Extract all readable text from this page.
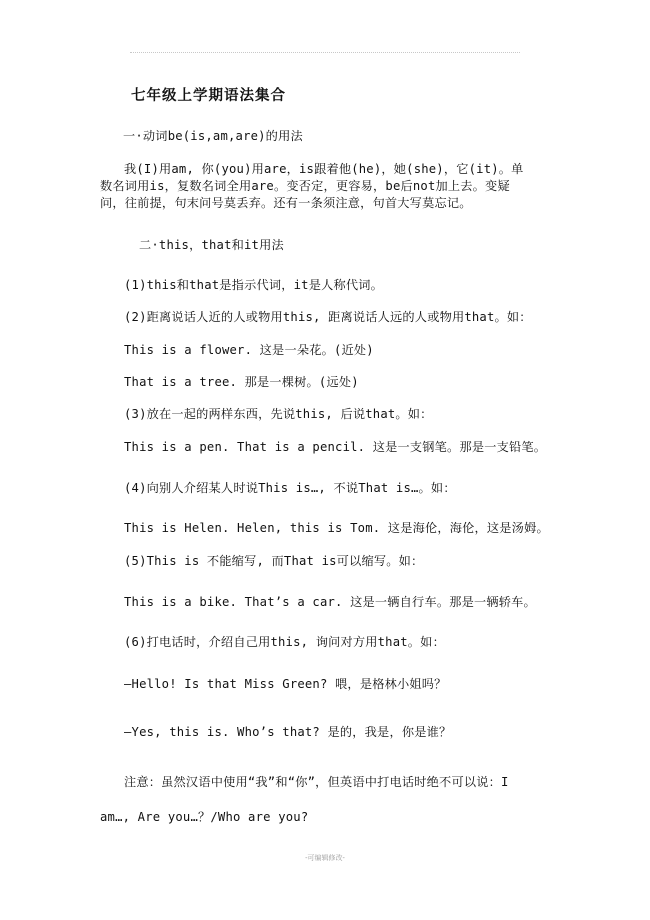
七年级上学期语法集合
一·动词be(is,am,are)的用法
我(I)用am, 你(you)用are，is跟着他(he)，她(she)，它(it)。单
数名词用is，复数名词全用are。变否定，更容易，be后not加上去。变疑
问，往前提，句末问号莫丢弃。还有一条须注意，句首大写莫忘记。
二·this，that和it用法
(1)this和that是指示代词，it是人称代词。
(2)距离说话人近的人或物用this, 距离说话人远的人或物用that。如：
This is a flower. 这是一朵花。(近处)
That is a tree. 那是一棵树。(远处)
(3)放在一起的两样东西，先说this, 后说that。如：
This is a pen. That is a pencil. 这是一支钢笔。那是一支铅笔。
(4)向别人介绍某人时说This is…, 不说That is…。如：
This is Helen. Helen, this is Tom. 这是海伦，海伦，这是汤姆。
(5)This is 不能缩写, 而That is可以缩写。如：
This is a bike. That’s a car. 这是一辆自行车。那是一辆轿车。
(6)打电话时，介绍自己用this, 询问对方用that。如：
—Hello! Is that Miss Green? 喂，是格林小姐吗？
—Yes, this is. Who’s that? 是的，我是，你是谁？
注意：虽然汉语中使用“我”和“你”，但英语中打电话时绝不可以说：I
am…, Are you…？/Who are you?
-可编辑修改-
